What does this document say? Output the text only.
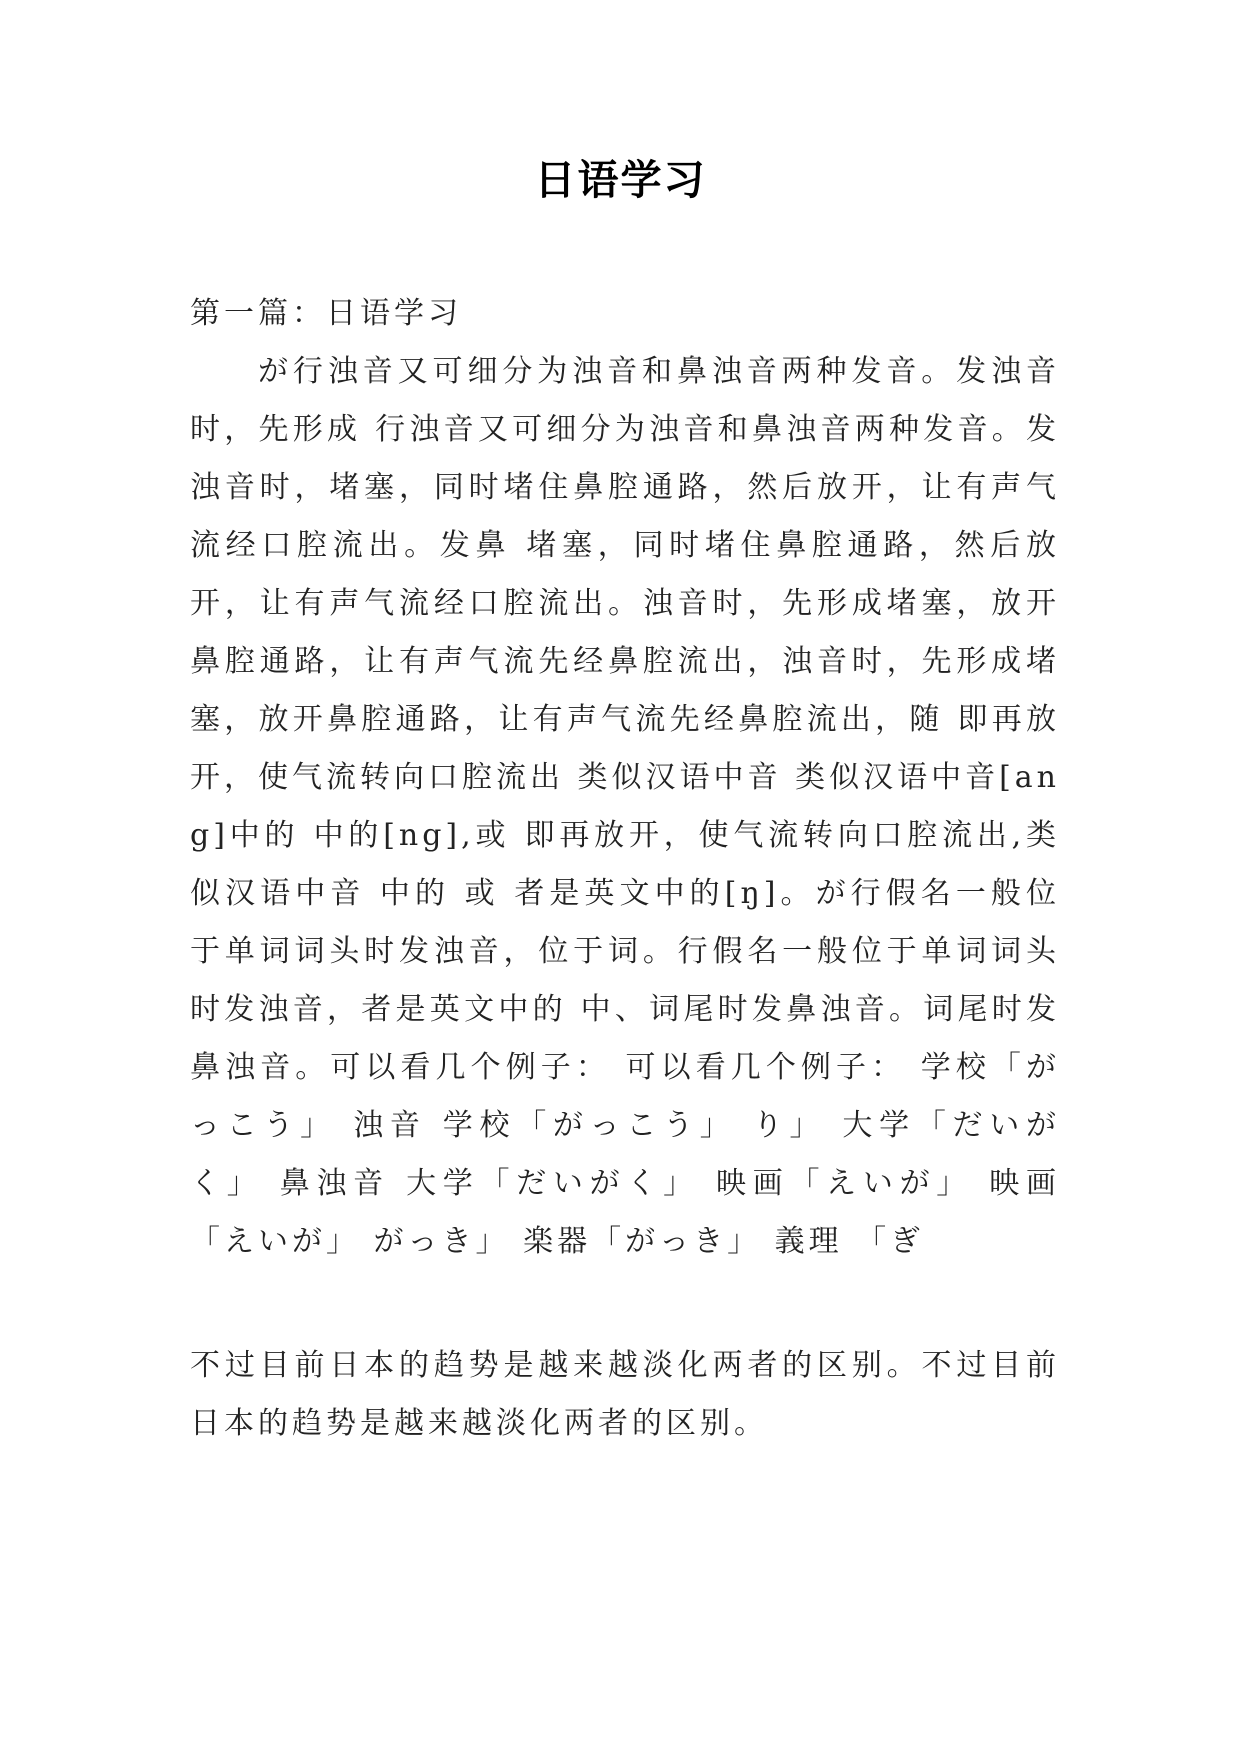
日语学习

第一篇：日语学习

が行浊音又可细分为浊音和鼻浊音两种发音。发浊音时，先形成 行浊音又可细分为浊音和鼻浊音两种发音。发浊音时，堵塞，同时堵住鼻腔通路，然后放开，让有声气流经口腔流出。发鼻 堵塞，同时堵住鼻腔通路，然后放开，让有声气流经口腔流出。浊音时，先形成堵塞，放开鼻腔通路，让有声气流先经鼻腔流出，浊音时，先形成堵塞，放开鼻腔通路，让有声气流先经鼻腔流出，随 即再放开，使气流转向口腔流出 类似汉语中音 类似汉语中音[ang]中的 中的[ng],或 即再放开，使气流转向口腔流出,类似汉语中音 中的 或 者是英文中的[ŋ]。が行假名一般位于单词词头时发浊音，位于词。行假名一般位于单词词头时发浊音，者是英文中的 中、词尾时发鼻浊音。词尾时发鼻浊音。可以看几个例子： 可以看几个例子： 学校「がっこう」 浊音 学校「がっこう」 り」 大学「だいがく」 鼻浊音 大学「だいがく」 映画「えいが」 映画「えいが」 がっき」 楽器「がっき」 義理 「ぎ

不过目前日本的趋势是越来越淡化两者的区别。不过目前日本的趋势是越来越淡化两者的区别。
